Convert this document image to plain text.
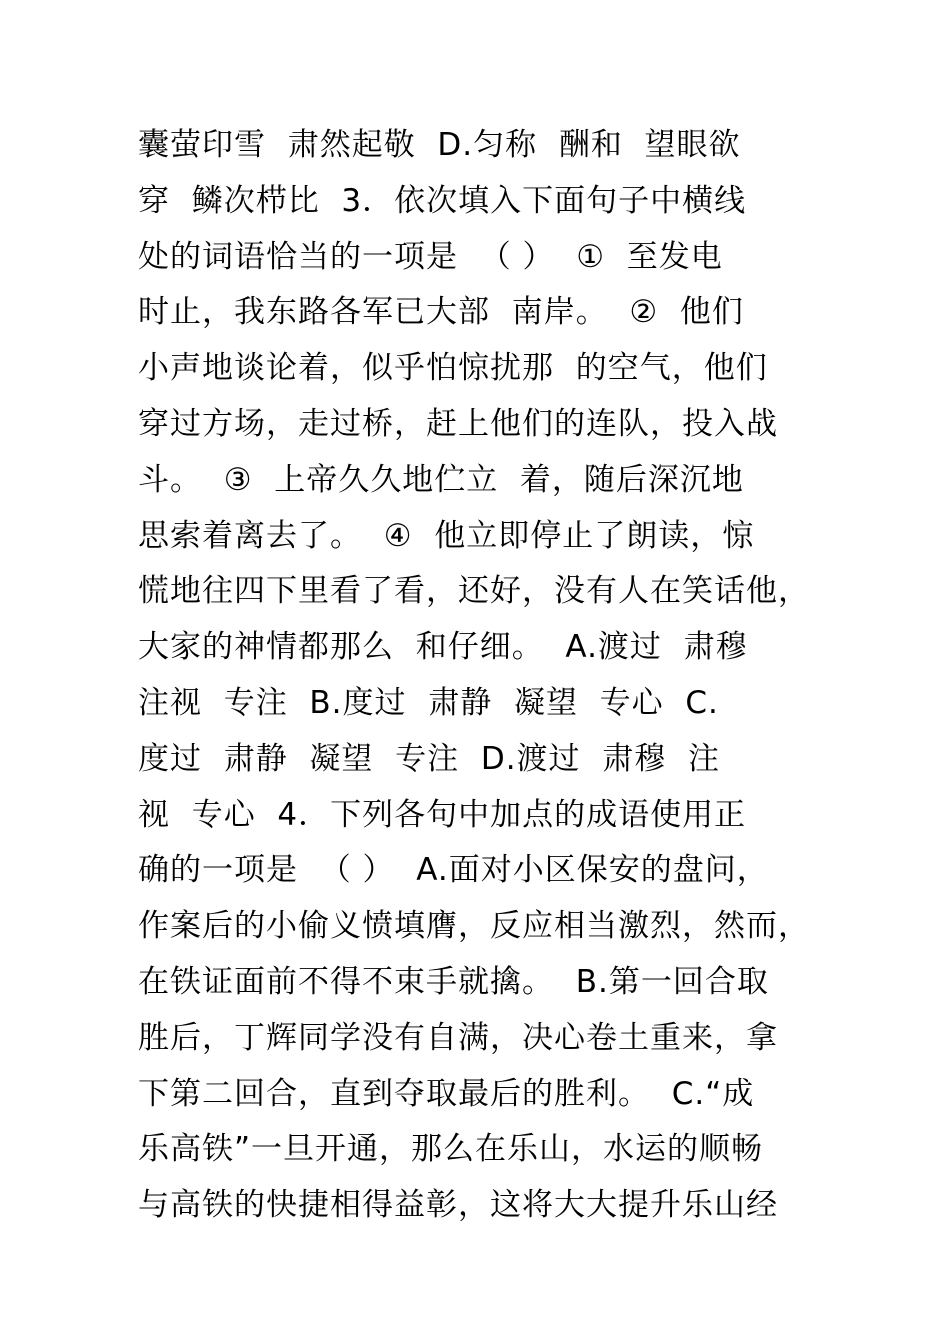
囊萤印雪  肃然起敬  D.匀称  酬和  望眼欲
穿  鳞次栉比  3．依次填入下面句子中横线
处的词语恰当的一项是  （ ）  ①  至发电
时止，我东路各军已大部  南岸。  ②  他们
小声地谈论着，似乎怕惊扰那  的空气，他们
穿过方场，走过桥，赶上他们的连队，投入战
斗。  ③  上帝久久地伫立  着，随后深沉地
思索着离去了。  ④  他立即停止了朗读，惊
慌地往四下里看了看，还好，没有人在笑话他，
大家的神情都那么  和仔细。  A.渡过  肃穆
注视  专注  B.度过  肃静  凝望  专心  C.
度过  肃静  凝望  专注  D.渡过  肃穆  注
视  专心  4．下列各句中加点的成语使用正
确的一项是  （ ）  A.面对小区保安的盘问，
作案后的小偷义愤填膺，反应相当激烈，然而，
在铁证面前不得不束手就擒。  B.第一回合取
胜后，丁辉同学没有自满，决心卷土重来，拿
下第二回合，直到夺取最后的胜利。  C.“成
乐高铁”一旦开通，那么在乐山，水运的顺畅
与高铁的快捷相得益彰，这将大大提升乐山经
